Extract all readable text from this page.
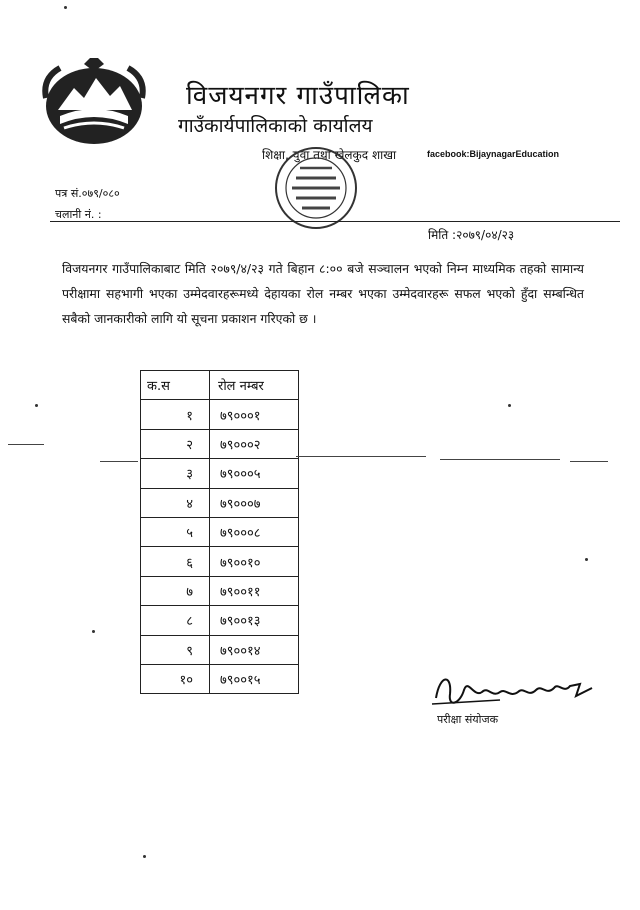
विजयनगर गाउँपालिका
गाउँकार्यपालिकाको कार्यालय
शिक्षा, युवा तथा खेलकुद शाखा	facebook:BijaynagarEducation
पत्र सं.०७९/०८०
चलानी नं. :
मिति :२०७९/०४/२३
विजयनगर गाउँपालिकाबाट मिति २०७९/४/२३ गते बिहान ८:०० बजे सञ्चालन भएको निम्न माध्यमिक तहको सामान्य परीक्षामा सहभागी भएका उम्मेदवारहरूमध्ये देहायका रोल नम्बर भएका उम्मेदवारहरू सफल भएको हुँदा सम्बन्धित सबैको जानकारीको लागि यो सूचना प्रकाशन गरिएको छ ।
क.स	रोल नम्बर
१	७९०००१
२	७९०००२
३	७९०००५
४	७९०००७
५	७९०००८
६	७९००१०
७	७९००११
८	७९००१३
९	७९००१४
१०	७९००१५
परीक्षा संयोजक
